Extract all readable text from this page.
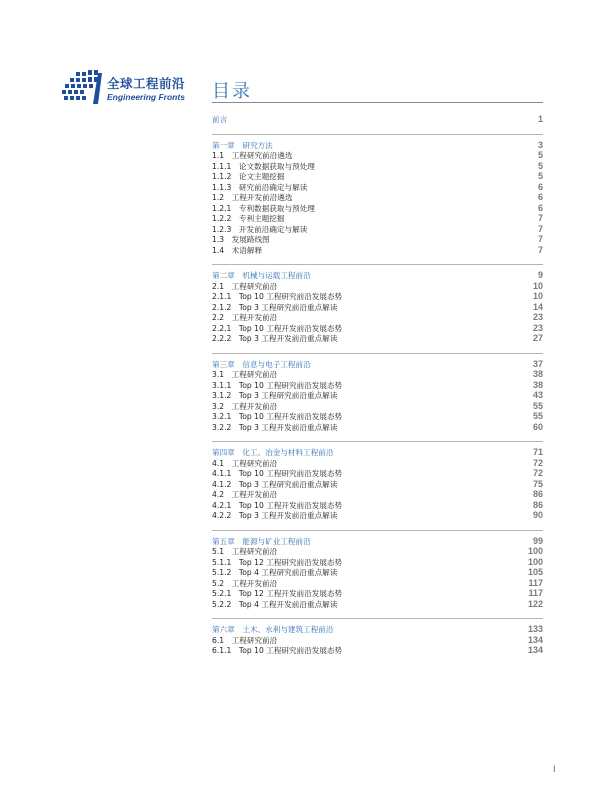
全球工程前沿
Engineering Fronts 目录
前言	1
第一章　研究方法	3
1.1　工程研究前沿遴选	5
1.1.1　论文数据获取与预处理	5
1.1.2　论文主题挖掘	5
1.1.3　研究前沿确定与解读	6
1.2　工程开发前沿遴选	6
1.2.1　专利数据获取与预处理	6
1.2.2　专利主题挖掘	7
1.2.3　开发前沿确定与解读	7
1.3　发展路线图	7
1.4　术语解释	7
第二章　机械与运载工程前沿	9
2.1　工程研究前沿	10
2.1.1　Top 10 工程研究前沿发展态势	10
2.1.2　Top 3 工程研究前沿重点解读	14
2.2　工程开发前沿	23
2.2.1　Top 10 工程开发前沿发展态势	23
2.2.2　Top 3 工程开发前沿重点解读	27
第三章　信息与电子工程前沿	37
3.1　工程研究前沿	38
3.1.1　Top 10 工程研究前沿发展态势	38
3.1.2　Top 3 工程研究前沿重点解读	43
3.2　工程开发前沿	55
3.2.1　Top 10 工程开发前沿发展态势	55
3.2.2　Top 3 工程开发前沿重点解读	60
第四章　化工、冶金与材料工程前沿	71
4.1　工程研究前沿	72
4.1.1　Top 10 工程研究前沿发展态势	72
4.1.2　Top 3 工程研究前沿重点解读	75
4.2　工程开发前沿	86
4.2.1　Top 10 工程开发前沿发展态势	86
4.2.2　Top 3 工程开发前沿重点解读	90
第五章　能源与矿业工程前沿	99
5.1　工程研究前沿	100
5.1.1　Top 12 工程研究前沿发展态势	100
5.1.2　Top 4 工程研究前沿重点解读	105
5.2　工程开发前沿	117
5.2.1　Top 12 工程开发前沿发展态势	117
5.2.2　Top 4 工程开发前沿重点解读	122
第六章　土木、水利与建筑工程前沿	133
6.1　工程研究前沿	134
6.1.1　Top 10 工程研究前沿发展态势	134
I
